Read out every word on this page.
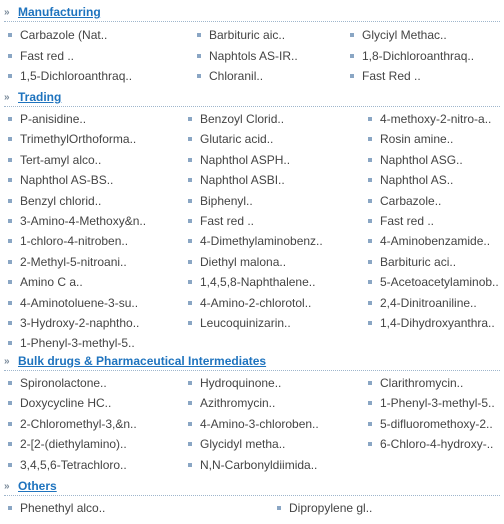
» Manufacturing
» Trading
» Bulk drugs & Pharmaceutical Intermediates
» Others
Carbazole (Nat..	Barbituric aic..	Glyciyl Methac..
Fast red ..	Naphtols AS-IR..	1,8-Dichloroanthraq..
1,5-Dichloroanthraq..	Chloranil..	Fast Red ..
P-anisidine..	Benzoyl Clorid..	4-methoxy-2-nitro-a..
TrimethylOrthoforma..	Glutaric acid..	Rosin amine..
Tert-amyl alco..	Naphthol ASPH..	Naphthol ASG..
Naphthol AS-BS..	Naphthol ASBI..	Naphthol AS..
Benzyl chlorid..	Biphenyl..	Carbazole..
3-Amino-4-Methoxy&n..	Fast red ..	Fast red ..
1-chloro-4-nitroben..	4-Dimethylaminobenz..	4-Aminobenzamide..
2-Methyl-5-nitroani..	Diethyl malona..	Barbituric aci..
Amino C a..	1,4,5,8-Naphthalene..	5-Acetoacetylaminob..
4-Aminotoluene-3-su..	4-Amino-2-chlorotol..	2,4-Dinitroaniline..
3-Hydroxy-2-naphtho..	Leucoquinizarin..	1,4-Dihydroxyanthra..
1-Phenyl-3-methyl-5..
Spironolactone..	Hydroquinone..	Clarithromycin..
Doxycycline HC..	Azithromycin..	1-Phenyl-3-methyl-5..
2-Chloromethyl-3,&n..	4-Amino-3-chloroben..	5-difluoromethoxy-2..
2-[2-(diethylamino)..	Glycidyl metha..	6-Chloro-4-hydroxy-..
3,4,5,6-Tetrachloro..	N,N-Carbonyldiimida..
Phenethyl alco..	Dipropylene gl..
